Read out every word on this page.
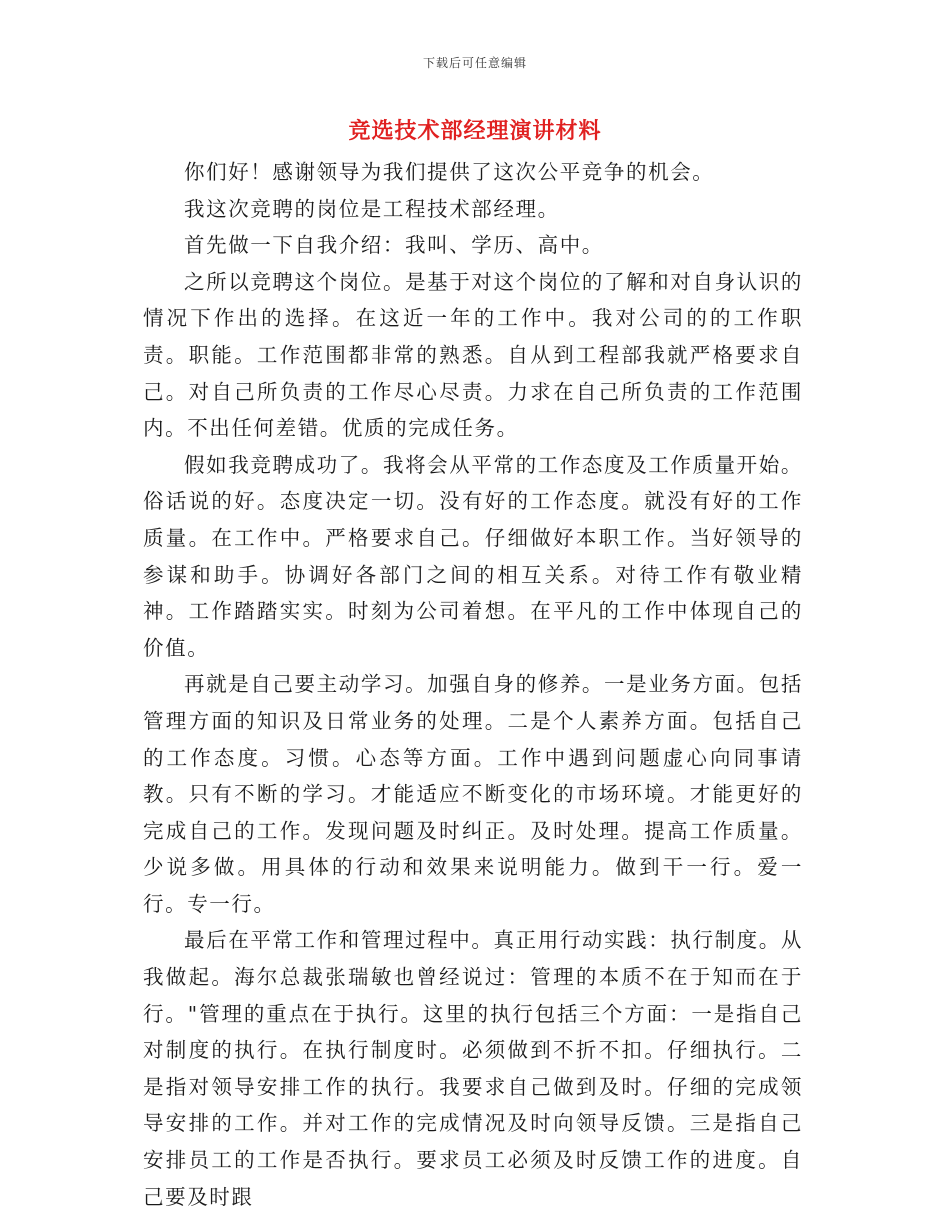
下载后可任意编辑
竞选技术部经理演讲材料

你们好！感谢领导为我们提供了这次公平竞争的机会。

我这次竞聘的岗位是工程技术部经理。

首先做一下自我介绍：我叫、学历、高中。

之所以竞聘这个岗位。是基于对这个岗位的了解和对自身认识的情况下作出的选择。在这近一年的工作中。我对公司的的工作职责。职能。工作范围都非常的熟悉。自从到工程部我就严格要求自己。对自己所负责的工作尽心尽责。力求在自己所负责的工作范围内。不出任何差错。优质的完成任务。

假如我竞聘成功了。我将会从平常的工作态度及工作质量开始。俗话说的好。态度决定一切。没有好的工作态度。就没有好的工作质量。在工作中。严格要求自己。仔细做好本职工作。当好领导的参谋和助手。协调好各部门之间的相互关系。对待工作有敬业精神。工作踏踏实实。时刻为公司着想。在平凡的工作中体现自己的价值。

再就是自己要主动学习。加强自身的修养。一是业务方面。包括管理方面的知识及日常业务的处理。二是个人素养方面。包括自己的工作态度。习惯。心态等方面。工作中遇到问题虚心向同事请教。只有不断的学习。才能适应不断变化的市场环境。才能更好的完成自己的工作。发现问题及时纠正。及时处理。提高工作质量。少说多做。用具体的行动和效果来说明能力。做到干一行。爱一行。专一行。

最后在平常工作和管理过程中。真正用行动实践：执行制度。从我做起。海尔总裁张瑞敏也曾经说过：管理的本质不在于知而在于行。"管理的重点在于执行。这里的执行包括三个方面：一是指自己对制度的执行。在执行制度时。必须做到不折不扣。仔细执行。二是指对领导安排工作的执行。我要求自己做到及时。仔细的完成领导安排的工作。并对工作的完成情况及时向领导反馈。三是指自己安排员工的工作是否执行。要求员工必须及时反馈工作的进度。自己要及时跟
